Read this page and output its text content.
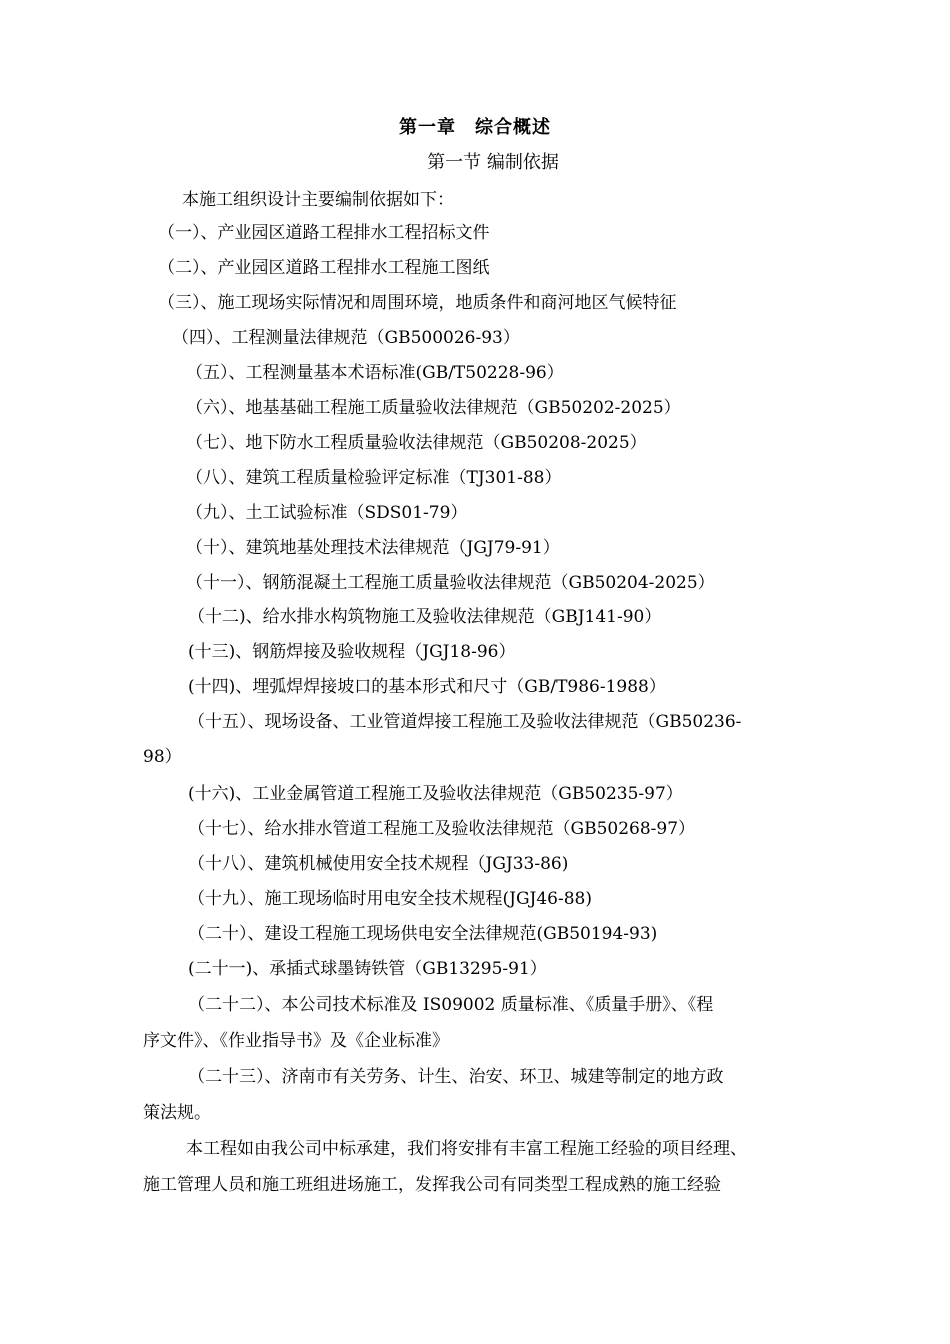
第一章　综合概述
第一节 编制依据
本施工组织设计主要编制依据如下：
（一）、产业园区道路工程排水工程招标文件
（二）、产业园区道路工程排水工程施工图纸
（三）、施工现场实际情况和周围环境，地质条件和商河地区气候特征
（四）、工程测量法律规范（GB500026-93）
（五）、工程测量基本术语标准(GB/T50228-96）
（六）、地基基础工程施工质量验收法律规范（GB50202-2025）
（七）、地下防水工程质量验收法律规范（GB50208-2025）
（八）、建筑工程质量检验评定标准（TJ301-88）
（九）、土工试验标准（SDS01-79）
（十）、建筑地基处理技术法律规范（JGJ79-91）
（十一）、钢筋混凝土工程施工质量验收法律规范（GB50204-2025）
（十二)、给水排水构筑物施工及验收法律规范（GBJ141-90）
(十三)、钢筋焊接及验收规程（JGJ18-96）
(十四)、埋弧焊焊接坡口的基本形式和尺寸（GB/T986-1988）
（十五）、现场设备、工业管道焊接工程施工及验收法律规范（GB50236-
98）
(十六)、工业金属管道工程施工及验收法律规范（GB50235-97）
（十七）、给水排水管道工程施工及验收法律规范（GB50268-97）
（十八）、建筑机械使用安全技术规程（JGJ33-86)
（十九）、施工现场临时用电安全技术规程(JGJ46-88)
（二十）、建设工程施工现场供电安全法律规范(GB50194-93)
(二十一)、承插式球墨铸铁管（GB13295-91）
（二十二）、本公司技术标准及 IS09002 质量标准、《质量手册》、《程
序文件》、《作业指导书》及《企业标准》
（二十三）、济南市有关劳务、计生、治安、环卫、城建等制定的地方政
策法规。
本工程如由我公司中标承建，我们将安排有丰富工程施工经验的项目经理、
施工管理人员和施工班组进场施工，发挥我公司有同类型工程成熟的施工经验
